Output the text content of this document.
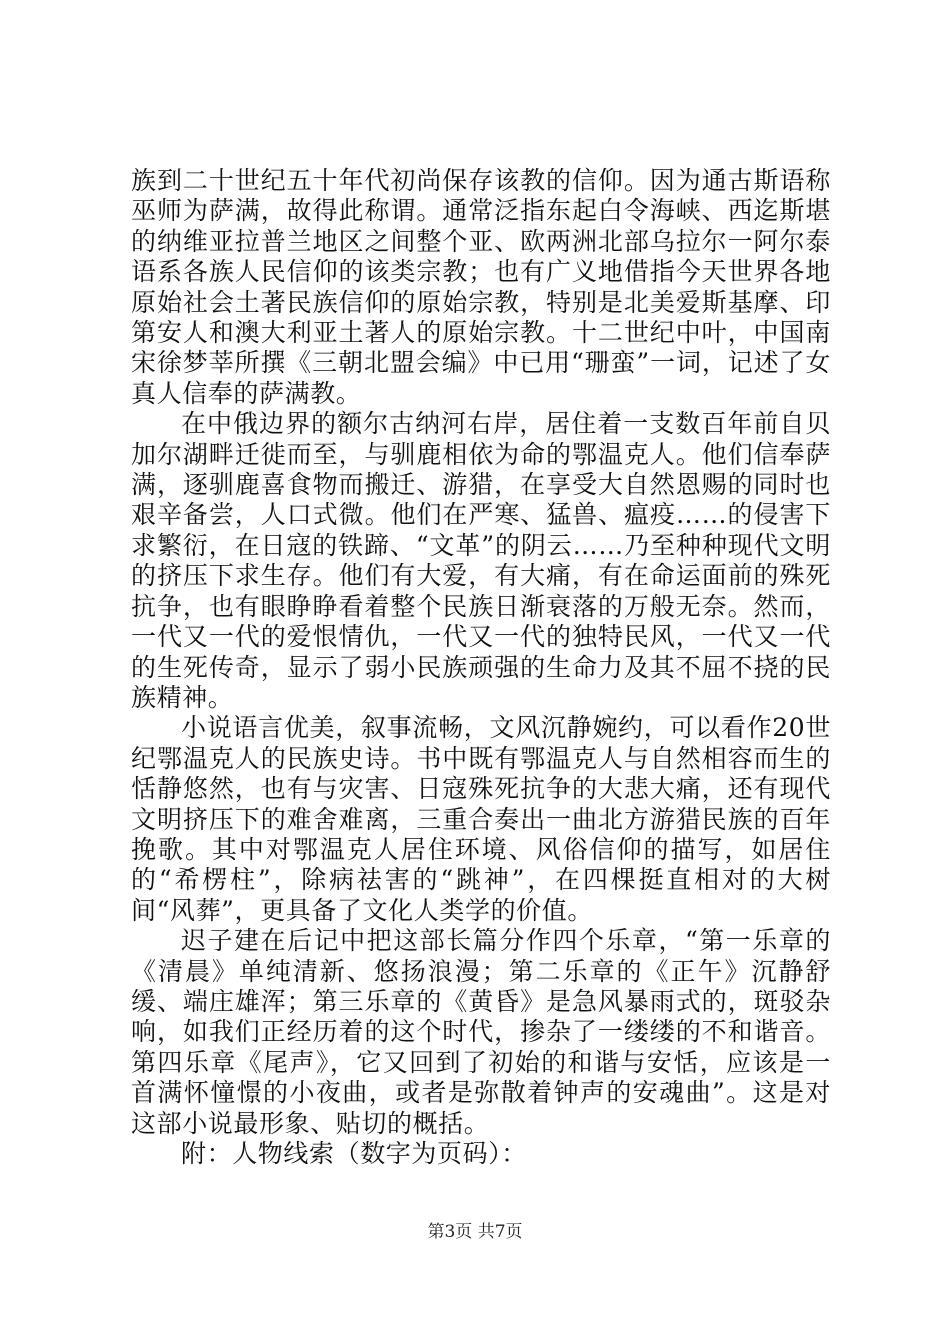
族到二十世纪五十年代初尚保存该教的信仰。因为通古斯语称巫师为萨满，故得此称谓。通常泛指东起白令海峡、西迄斯堪的纳维亚拉普兰地区之间整个亚、欧两洲北部乌拉尔一阿尔泰语系各族人民信仰的该类宗教；也有广义地借指今天世界各地原始社会土著民族信仰的原始宗教，特别是北美爱斯基摩、印第安人和澳大利亚土著人的原始宗教。十二世纪中叶，中国南宋徐梦莘所撰《三朝北盟会编》中已用“珊蛮”一词，记述了女真人信奉的萨满教。

在中俄边界的额尔古纳河右岸，居住着一支数百年前自贝加尔湖畔迁徙而至，与驯鹿相依为命的鄂温克人。他们信奉萨满，逐驯鹿喜食物而搬迁、游猎，在享受大自然恩赐的同时也艰辛备尝，人口式微。他们在严寒、猛兽、瘟疫……的侵害下求繁衍，在日寇的铁蹄、“文革”的阴云……乃至种种现代文明的挤压下求生存。他们有大爱，有大痛，有在命运面前的殊死抗争，也有眼睁睁看着整个民族日渐衰落的万般无奈。然而，一代又一代的爱恨情仇，一代又一代的独特民风，一代又一代的生死传奇，显示了弱小民族顽强的生命力及其不屈不挠的民族精神。

小说语言优美，叙事流畅，文风沉静婉约，可以看作20世纪鄂温克人的民族史诗。书中既有鄂温克人与自然相容而生的恬静悠然，也有与灾害、日寇殊死抗争的大悲大痛，还有现代文明挤压下的难舍难离，三重合奏出一曲北方游猎民族的百年挽歌。其中对鄂温克人居住环境、风俗信仰的描写，如居住的“希楞柱”，除病祛害的“跳神”，在四棵挺直相对的大树间“风葬”，更具备了文化人类学的价值。

迟子建在后记中把这部长篇分作四个乐章，“第一乐章的《清晨》单纯清新、悠扬浪漫；第二乐章的《正午》沉静舒缓、端庄雄浑；第三乐章的《黄昏》是急风暴雨式的，斑驳杂响，如我们正经历着的这个时代，掺杂了一缕缕的不和谐音。第四乐章《尾声》，它又回到了初始的和谐与安恬，应该是一首满怀憧憬的小夜曲，或者是弥散着钟声的安魂曲”。这是对这部小说最形象、贴切的概括。

附：人物线索（数字为页码）：

第3页 共7页
